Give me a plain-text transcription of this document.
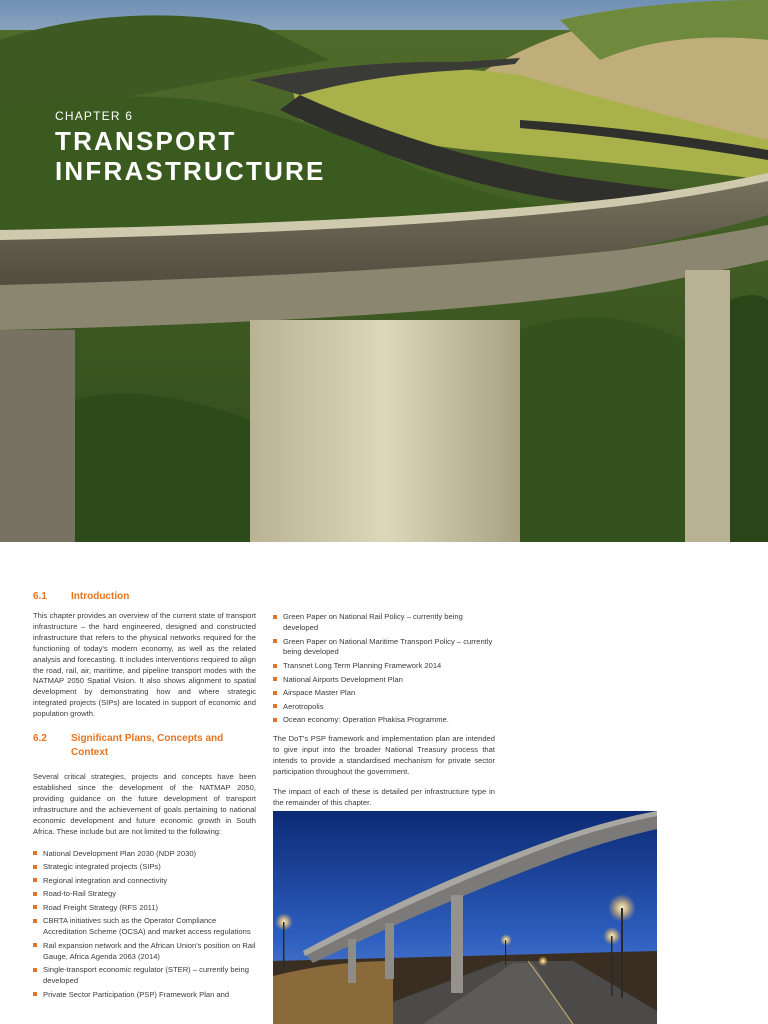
CHAPTER 6
TRANSPORT
INFRASTRUCTURE
6.1	Introduction

This chapter provides an overview of the current state of transport infrastructure – the hard engineered, designed and constructed infrastructure that refers to the physical networks required for the functioning of today's modern economy, as well as the related analysis and forecasting. It includes interventions required to align the road, rail, air, maritime, and pipeline transport modes with the NATMAP 2050 Spatial Vision. It also shows alignment to spatial development by demonstrating how and where strategic integrated projects (SIPs) are located in support of economic and population growth.

6.2	Significant Plans, Concepts and Context

Several critical strategies, projects and concepts have been established since the development of the NATMAP 2050, providing guidance on the future development of transport infrastructure and the achievement of goals pertaining to national economic development and future economic growth in South Africa. These include but are not limited to the following:

National Development Plan 2030 (NDP 2030)
Strategic integrated projects (SIPs)
Regional integration and connectivity
Road-to-Rail Strategy
Road Freight Strategy (RFS 2011)
CBRTA initiatives such as the Operator Compliance Accreditation Scheme (OCSA) and market access regulations
Rail expansion network and the African Union's position on Rail Gauge, Africa Agenda 2063 (2014)
Single-transport economic regulator (STER) – currently being developed
Private Sector Participation (PSP) Framework Plan and
Green Paper on National Rail Policy – currently being developed
Green Paper on National Maritime Transport Policy – currently being developed
Transnet Long Term Planning Framework 2014
National Airports Development Plan
Airspace Master Plan
Aerotropolis
Ocean economy: Operation Phakisa Programme.

The DoT's PSP framework and implementation plan are intended to give input into the broader National Treasury process that intends to provide a standardised mechanism for private sector participation throughout the government.

The impact of each of these is detailed per infrastructure type in the remainder of this chapter.
